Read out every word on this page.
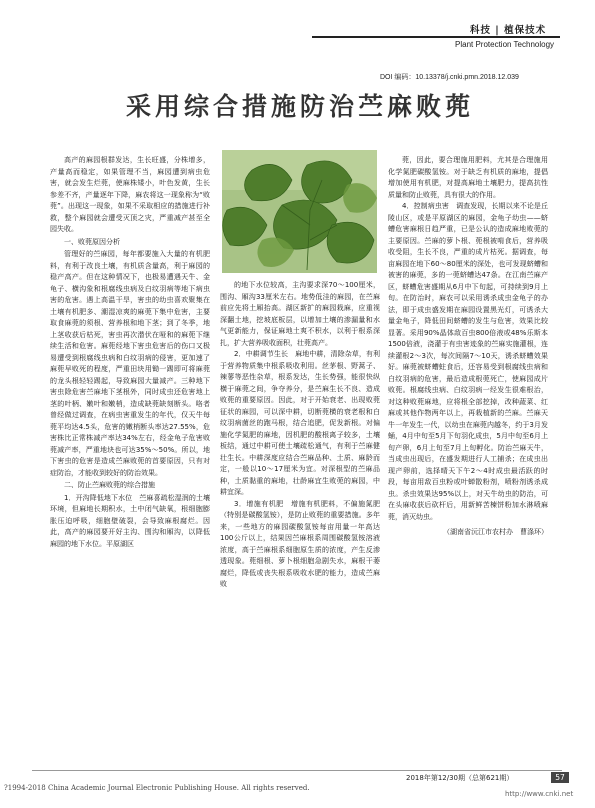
科技 | 植保技术
Plant Protection Technology
DOI 编码：10.13378/j.cnki.pmn.2018.12.039
采用综合措施防治苎麻败蔸

高产的麻园根群发达，生长旺盛，分株增多，产量高而稳定，如果管理不当，麻园遭到病虫危害，就会发生烂蔸，使麻株矮小，叶色发黄，生长参差不齐，产量逐年下降，麻农将这一现象称为“败蔸”。出现这一现象，如果不采取相应的措施进行补救，整个麻园就会遭受灭顶之灾，严重减产甚至全园失收。

一、败蔸原因分析

管理好的苎麻园，每年都要施入大量的有机肥料，有利于改良土壤，有机质含量高，利于麻园的稳产高产。但在这种情况下，也极易遭遇天牛、金龟子、横沟象和根腐线虫病及白纹羽病等地下病虫害的危害。遇上高温干旱，害虫的幼虫喜欢聚集在土壤有机肥多、潮湿凉爽的麻蔸下集中危害，主要取食麻蔸的须根、营养根和地下茎；到了冬季，地上茎收获后枯死，害虫再次潜伏在哑和的麻蔸下继续生活和危害。麻蔸经地下害虫危害后的伤口又极易遭受到根腐线虫病和白纹羽病的侵害，更加速了麻蔸早败死的程度，严重田块用锄一踢即可将麻蔸的龙头根轻轻踢起，导致麻园大量减产。三种地下害虫除危害苎麻地下茎根外，同时成虫还危害地上茎的叶柄、嫩叶和嫩梢，造成缺蔸缺刻断头。咯者曾经做过调查，在病虫害重发生的年代，仅天牛每蔸平均达4.5头，危害的嫩梢断头率达27.55%，危害株比正常株减产率达34%左右，经金龟子危害败蔸减产率，严重地块也可达35%～50%。所以，地下害虫的危害是造成苎麻败蔸的首要原因，只有对症防治，才能收到较好的防治效果。

二、防止苎麻败蔸的综合措施

1．开沟降低地下水位　苎麻喜疏松湿润的土壤环境，但麻地长期积水，土中闭气缺氧，根细胞膨胀压迫呼吸，细胞壁破裂，会导致麻根腐烂。因此，高产的麻园要开好主沟、围沟和厢沟，以降低麻园的地下水位。平原湖区

的地下水位较高，主沟要求深70～100厘米，围沟、厢沟33厘米左右。地势低洼的麻园，在苎麻前应先将土厢抬高。湖区新扩的麻园栽麻，应重视深翻土地，挖坡底板层，以增加土壤的渗漏量和水气更新能力，保证麻地土爽不积水，以利于根系深扎，扩大营养吸收面积，壮蔸高产。

2．中耕调节生长　麻地中耕，清除杂草，有利于营养物质集中根系吸收利用。丝茅根、野蒿子、辣蓼等恶性杂草，根系发达，生长势强，能很快纵横于麻蔸之间，争夺养分，是苎麻生长不良、造成败蔸的重要原因。因此，对于开始衰老、出现败蔸征状的麻园，可以深中耕，切断蔸横的衰老根和白纹羽病菌丝的跑马根，结合追肥，促发新根。对偏施化学氮肥的麻地，因机肥的酸根离子较多，土壤板结，通过中耕可使土壤疏松通气，有利于苎麻健壮生长。中耕深度应结合苎麻品种、土质、麻龄而定，一般以10～17厘米为宜。对深根型的苎麻品种，土质黏重的麻地，壮龄麻宜生败蔸的麻园，中耕宜深。

3．增施有机肥　增施有机肥料，不偏施氮肥（特别是碳酸氢铵），是防止败蔸的重要措施。多年来，一些地方的麻园碳酸氢铵每亩用量一年高达100公斤以上，结果因苎麻根系周围碳酸氢铵溶液浓度，高于苎麻根系细胞原生质的浓度，产生反渗透现象。蔸细根、萝卜根细胞急剧失水，麻根干萎腐烂，降低或丧失根系吸收水肥的能力，造成苎麻败

蔸，因此，要合理施用肥料，尤其是合理施用化学氮肥碳酸氢铵。对于缺乏有机质的麻地，提倡增加使用有机肥，对提高麻地土壤肥力，提高抗性质量和防止败蔸，具有很大的作用。

4．控制病虫害　调查发现，长期以来不论是丘陵山区，或是平原湖区的麻园，金龟子幼虫——蛴螬危害麻根日趋严重，已是公认的造成麻地败蔸的主要原因。苎麻的萝卜根、蔸根被啃食后，营养吸收受阻，生长不良，严重的成片枯死。据调查，每亩麻园在地下60～80厘米的深处，也可发现蛴螬和被害的麻蔸，多的一蔸蛴螬达47条。在江南苎麻产区，蛴螬危害盛期从6月中下旬起，可持续到9月上旬。在防治时，麻农可以采用诱杀成虫金龟子的办法，即于成虫盛发期在麻园设置黑光灯，可诱杀大量金龟子，降低田间蛴螬的发生与危害，效果比较显著。采用90%晶体敌百虫800倍液或48%乐斯本1500倍液，浇灌于有虫害迹象的苎麻实施灌根，连续灌根2～3次，每次间隔7～10天，诱杀蛴螬效果好。麻蔸被蛴螬蛀食后，还容易受到根腐线虫病和白纹羽病的危害，最后造成根蔸死亡，使麻园成片败蔸。根腐线虫病、白纹羽病一经发生很难根治，对这种败蔸麻地，应将根全部挖掉，改种蔬菜、红麻或其他作物两年以上，再栽植新的苎麻。苎麻天牛一年发生一代，以幼虫在麻蔸内越冬，约于3月发蛹，4月中旬至5月下旬羽化成虫，5月中旬至6月上旬产卵，6月上旬至7月上旬孵化。防治苎麻天牛，当成虫出现后，在盛发期进行人工捕杀；在成虫出现产卵前，选择晴天下午2～4时成虫最活跃的时段，每亩用敌百虫粉或叶蝉散粉剂，喷粉剂诱杀成虫。杀虫效果达95%以上，对天牛幼虫的防治，可在头麻收获后砍杆后，用新鲜苦楝饼粉加水淋喷麻蔸，消灭幼虫。

（湖南省沅江市农村办　曹涤环）

2018年第12/30期（总第621期）	57
?1994-2018 China Academic Journal Electronic Publishing House. All rights reserved.
http://www.cnki.net
